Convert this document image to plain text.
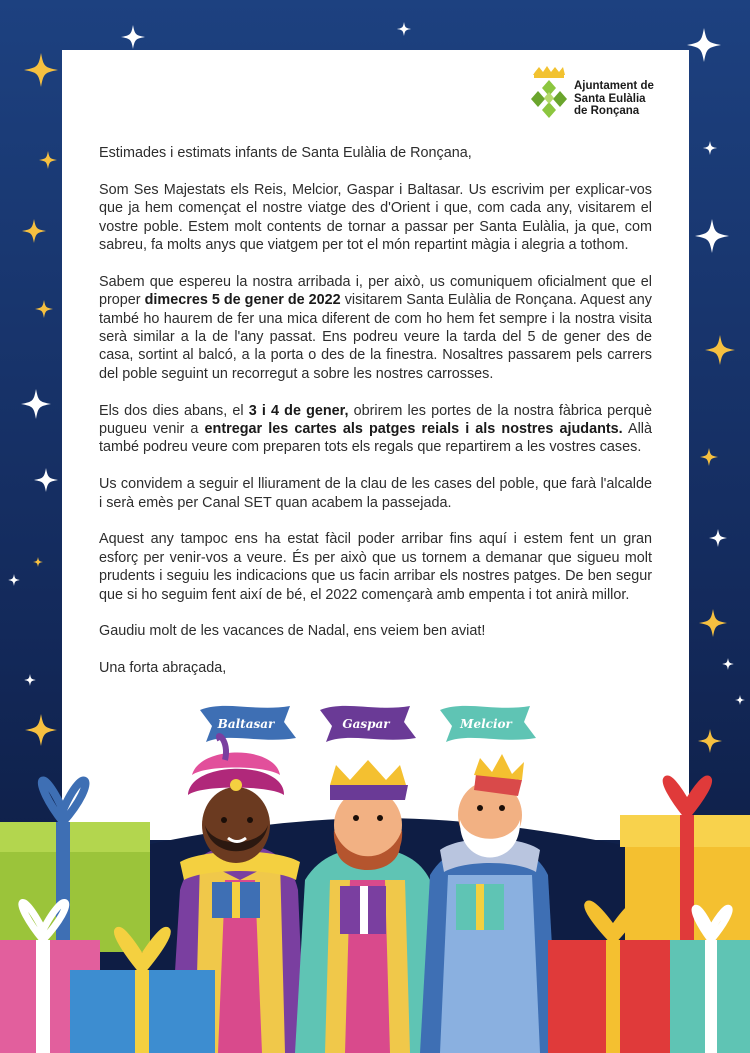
Ajuntament de
Santa Eulàlia
de Ronçana

Estimades i estimats infants de Santa Eulàlia de Ronçana,

Som Ses Majestats els Reis, Melcior, Gaspar i Baltasar. Us escrivim per explicar-vos que ja hem començat el nostre viatge des d'Orient i que, com cada any, visitarem el vostre poble. Estem molt contents de tornar a passar per Santa Eulàlia, ja que, com sabreu, fa molts anys que viatgem per tot el món repartint màgia i alegria a tothom.

Sabem que espereu la nostra arribada i, per això, us comuniquem oficialment que el proper dimecres 5 de gener de 2022 visitarem Santa Eulàlia de Ronçana. Aquest any també ho haurem de fer una mica diferent de com ho hem fet sempre i la nostra visita serà similar a la de l'any passat. Ens podreu veure la tarda del 5 de gener des de casa, sortint al balcó, a la porta o des de la finestra. Nosaltres passarem pels carrers del poble seguint un recorregut a sobre les nostres carrosses.

Els dos dies abans, el 3 i 4 de gener, obrirem les portes de la nostra fàbrica perquè pugueu venir a entregar les cartes als patges reials i als nostres ajudants. Allà també podreu veure com preparen tots els regals que repartirem a les vostres cases.

Us convidem a seguir el lliurament de la clau de les cases del poble, que farà l'alcalde i serà emès per Canal SET quan acabem la passejada.

Aquest any tampoc ens ha estat fàcil poder arribar fins aquí i estem fent un gran esforç per venir-vos a veure. És per això que us tornem a demanar que sigueu molt prudents i seguiu les indicacions que us facin arribar els nostres patges. De ben segur que si ho seguim fent així de bé, el 2022 començarà amb empenta i tot anirà millor.

Gaudiu molt de les vacances de Nadal, ens veiem ben aviat!

Una forta abraçada,

Baltasar	Gaspar	Melcior
